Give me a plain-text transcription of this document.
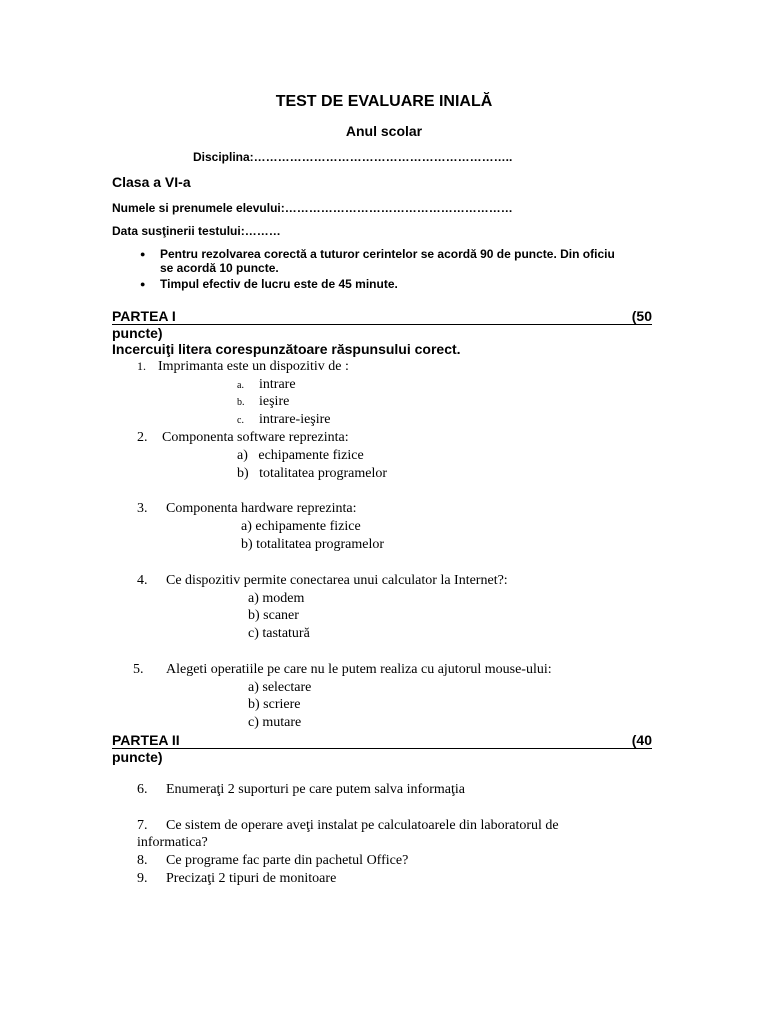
TEST DE EVALUARE INIALĂ
Anul scolar
Disciplina:………………………………………………………..
Clasa a VI-a
Numele si prenumele elevului:…………………………………………………
Data susţinerii testului:………
● Pentru rezolvarea corectă a tuturor cerintelor se acordă 90 de puncte. Din oficiu
se acordă 10 puncte.
● Timpul efectiv de lucru este de 45 minute.
PARTEA I	(50
puncte)
Incercuiţi litera corespunzătoare răspunsului corect.
1. Imprimanta este un dispozitiv de :
a. intrare
b. ieşire
c. intrare-ieşire
2. Componenta software reprezinta:
a)   echipamente fizice
b)   totalitatea programelor
3. Componenta hardware reprezinta:
a) echipamente fizice
b) totalitatea programelor
4. Ce dispozitiv permite conectarea unui calculator la Internet?:
a) modem
b) scaner
c) tastatură
5. Alegeti operatiile pe care nu le putem realiza cu ajutorul mouse-ului:
a) selectare
b) scriere
c) mutare
PARTEA II	(40
puncte)
6. Enumeraţi 2 suporturi pe care putem salva informaţia
7. Ce sistem de operare aveţi instalat pe calculatoarele din laboratorul de
informatica?
8. Ce programe fac parte din pachetul Office?
9. Precizaţi 2 tipuri de monitoare
